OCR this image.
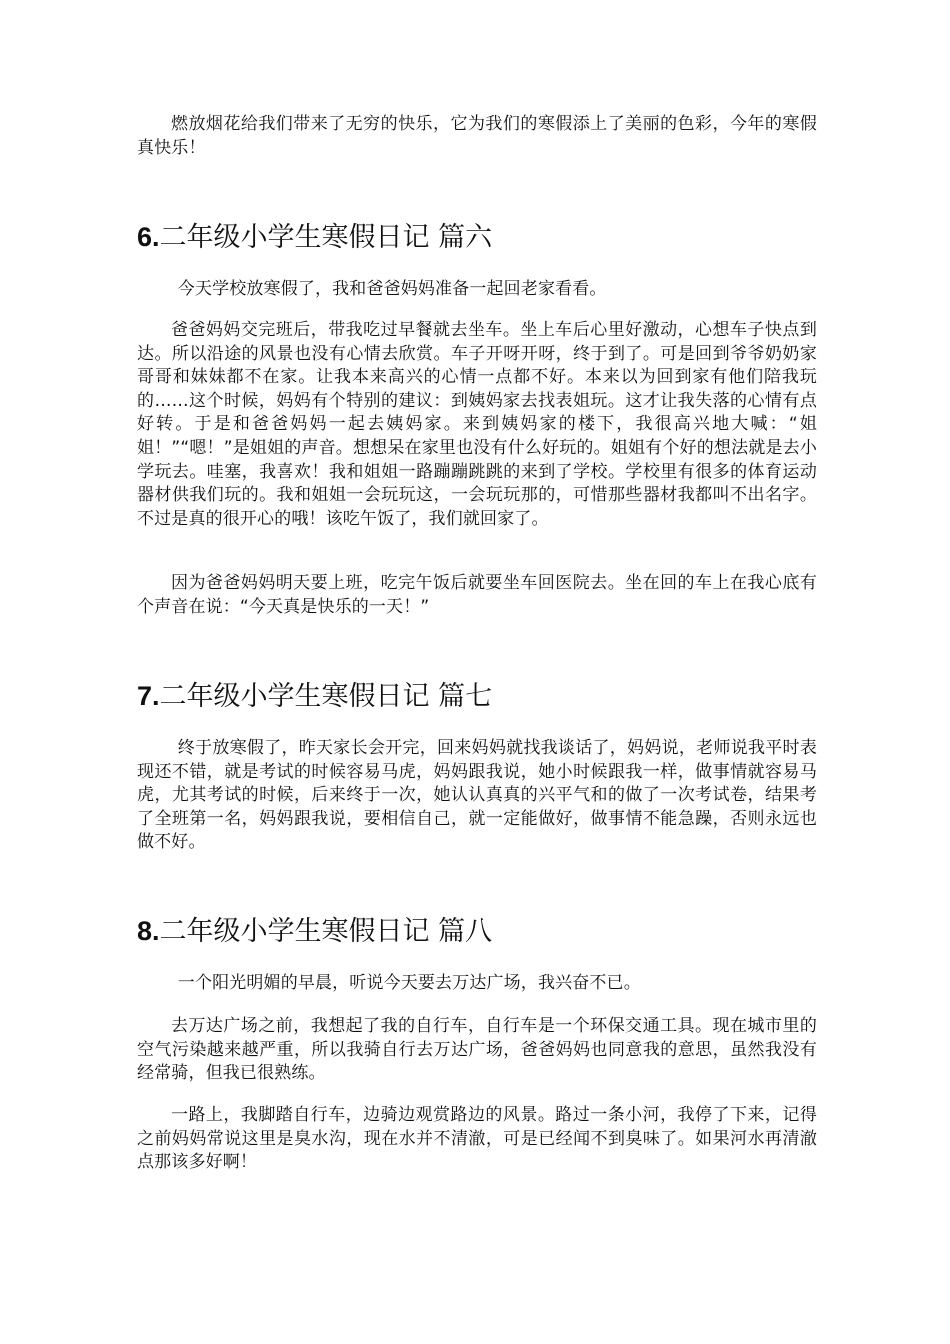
燃放烟花给我们带来了无穷的快乐，它为我们的寒假添上了美丽的色彩，今年的寒假真快乐！

6.二年级小学生寒假日记 篇六

今天学校放寒假了，我和爸爸妈妈准备一起回老家看看。

爸爸妈妈交完班后，带我吃过早餐就去坐车。坐上车后心里好激动，心想车子快点到达。所以沿途的风景也没有心情去欣赏。车子开呀开呀，终于到了。可是回到爷爷奶奶家哥哥和妹妹都不在家。让我本来高兴的心情一点都不好。本来以为回到家有他们陪我玩的……这个时候，妈妈有个特别的建议：到姨妈家去找表姐玩。这才让我失落的心情有点好转。于是和爸爸妈妈一起去姨妈家。来到姨妈家的楼下，我很高兴地大喊：“姐姐！”“嗯！”是姐姐的声音。想想呆在家里也没有什么好玩的。姐姐有个好的想法就是去小学玩去。哇塞，我喜欢！我和姐姐一路蹦蹦跳跳的来到了学校。学校里有很多的体育运动器材供我们玩的。我和姐姐一会玩玩这，一会玩玩那的，可惜那些器材我都叫不出名字。不过是真的很开心的哦！该吃午饭了，我们就回家了。

因为爸爸妈妈明天要上班，吃完午饭后就要坐车回医院去。坐在回的车上在我心底有个声音在说：“今天真是快乐的一天！”

7.二年级小学生寒假日记 篇七

终于放寒假了，昨天家长会开完，回来妈妈就找我谈话了，妈妈说，老师说我平时表现还不错，就是考试的时候容易马虎，妈妈跟我说，她小时候跟我一样，做事情就容易马虎，尤其考试的时候，后来终于一次，她认认真真的兴平气和的做了一次考试卷，结果考了全班第一名，妈妈跟我说，要相信自己，就一定能做好，做事情不能急躁，否则永远也做不好。

8.二年级小学生寒假日记 篇八

一个阳光明媚的早晨，听说今天要去万达广场，我兴奋不已。

去万达广场之前，我想起了我的自行车，自行车是一个环保交通工具。现在城市里的空气污染越来越严重，所以我骑自行去万达广场，爸爸妈妈也同意我的意思，虽然我没有经常骑，但我已很熟练。

一路上，我脚踏自行车，边骑边观赏路边的风景。路过一条小河，我停了下来，记得之前妈妈常说这里是臭水沟，现在水并不清澈，可是已经闻不到臭味了。如果河水再清澈点那该多好啊！
